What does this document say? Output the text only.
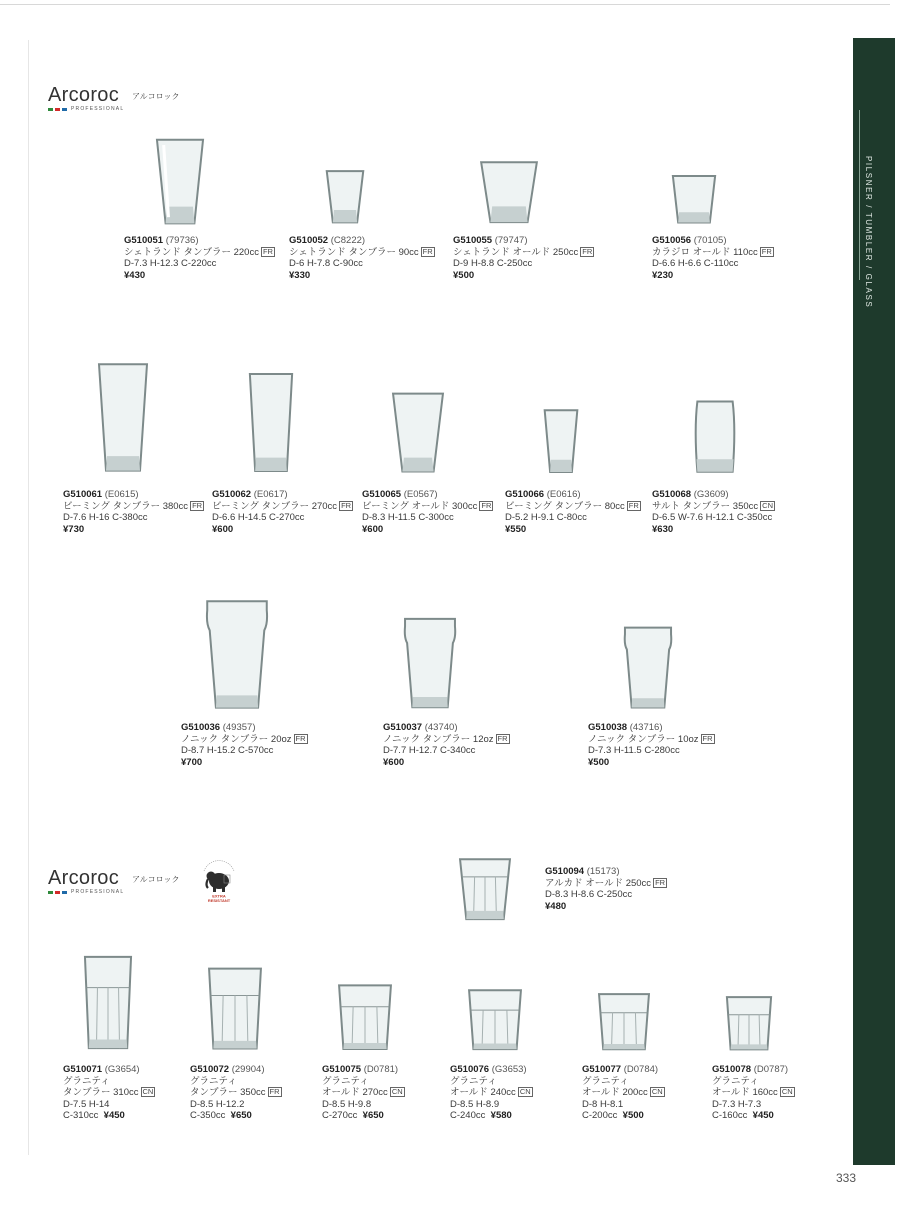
PILSNER / TUMBLER / GLASS
333
Arcoroc	アルコロック
PROFESSIONAL
Arcoroc	アルコロック
PROFESSIONAL
EXTRA
RESISTANT
G510051 (79736)
シェトランド タンブラー 220cc FR
D-7.3 H-12.3 C-220cc
¥430
G510052 (C8222)
シェトランド タンブラー 90cc FR
D-6 H-7.8 C-90cc
¥330
G510055 (79747)
シェトランド オールド 250cc FR
D-9 H-8.8 C-250cc
¥500
G510056 (70105)
カラジロ オールド 110cc FR
D-6.6 H-6.6 C-110cc
¥230
G510061 (E0615)
ビーミング タンブラー 380cc FR
D-7.6 H-16 C-380cc
¥730
G510062 (E0617)
ビーミング タンブラー 270cc FR
D-6.6 H-14.5 C-270cc
¥600
G510065 (E0567)
ビーミング オールド 300cc FR
D-8.3 H-11.5 C-300cc
¥600
G510066 (E0616)
ビーミング タンブラー 80cc FR
D-5.2 H-9.1 C-80cc
¥550
G510068 (G3609)
サルト タンブラー 350cc CN
D-6.5 W-7.6 H-12.1 C-350cc
¥630
G510036 (49357)
ノニック タンブラー 20oz FR
D-8.7 H-15.2 C-570cc
¥700
G510037 (43740)
ノニック タンブラー 12oz FR
D-7.7 H-12.7 C-340cc
¥600
G510038 (43716)
ノニック タンブラー 10oz FR
D-7.3 H-11.5 C-280cc
¥500
G510094 (15173)
アルカド オールド 250cc FR
D-8.3 H-8.6 C-250cc
¥480
G510071 (G3654)
グラニティ
タンブラー 310cc CN
D-7.5 H-14
C-310cc ¥450
G510072 (29904)
グラニティ
タンブラー 350cc FR
D-8.5 H-12.2
C-350cc ¥650
G510075 (D0781)
グラニティ
オールド 270cc CN
D-8.5 H-9.8
C-270cc ¥650
G510076 (G3653)
グラニティ
オールド 240cc CN
D-8.5 H-8.9
C-240cc ¥580
G510077 (D0784)
グラニティ
オールド 200cc CN
D-8 H-8.1
C-200cc ¥500
G510078 (D0787)
グラニティ
オールド 160cc CN
D-7.3 H-7.3
C-160cc ¥450
